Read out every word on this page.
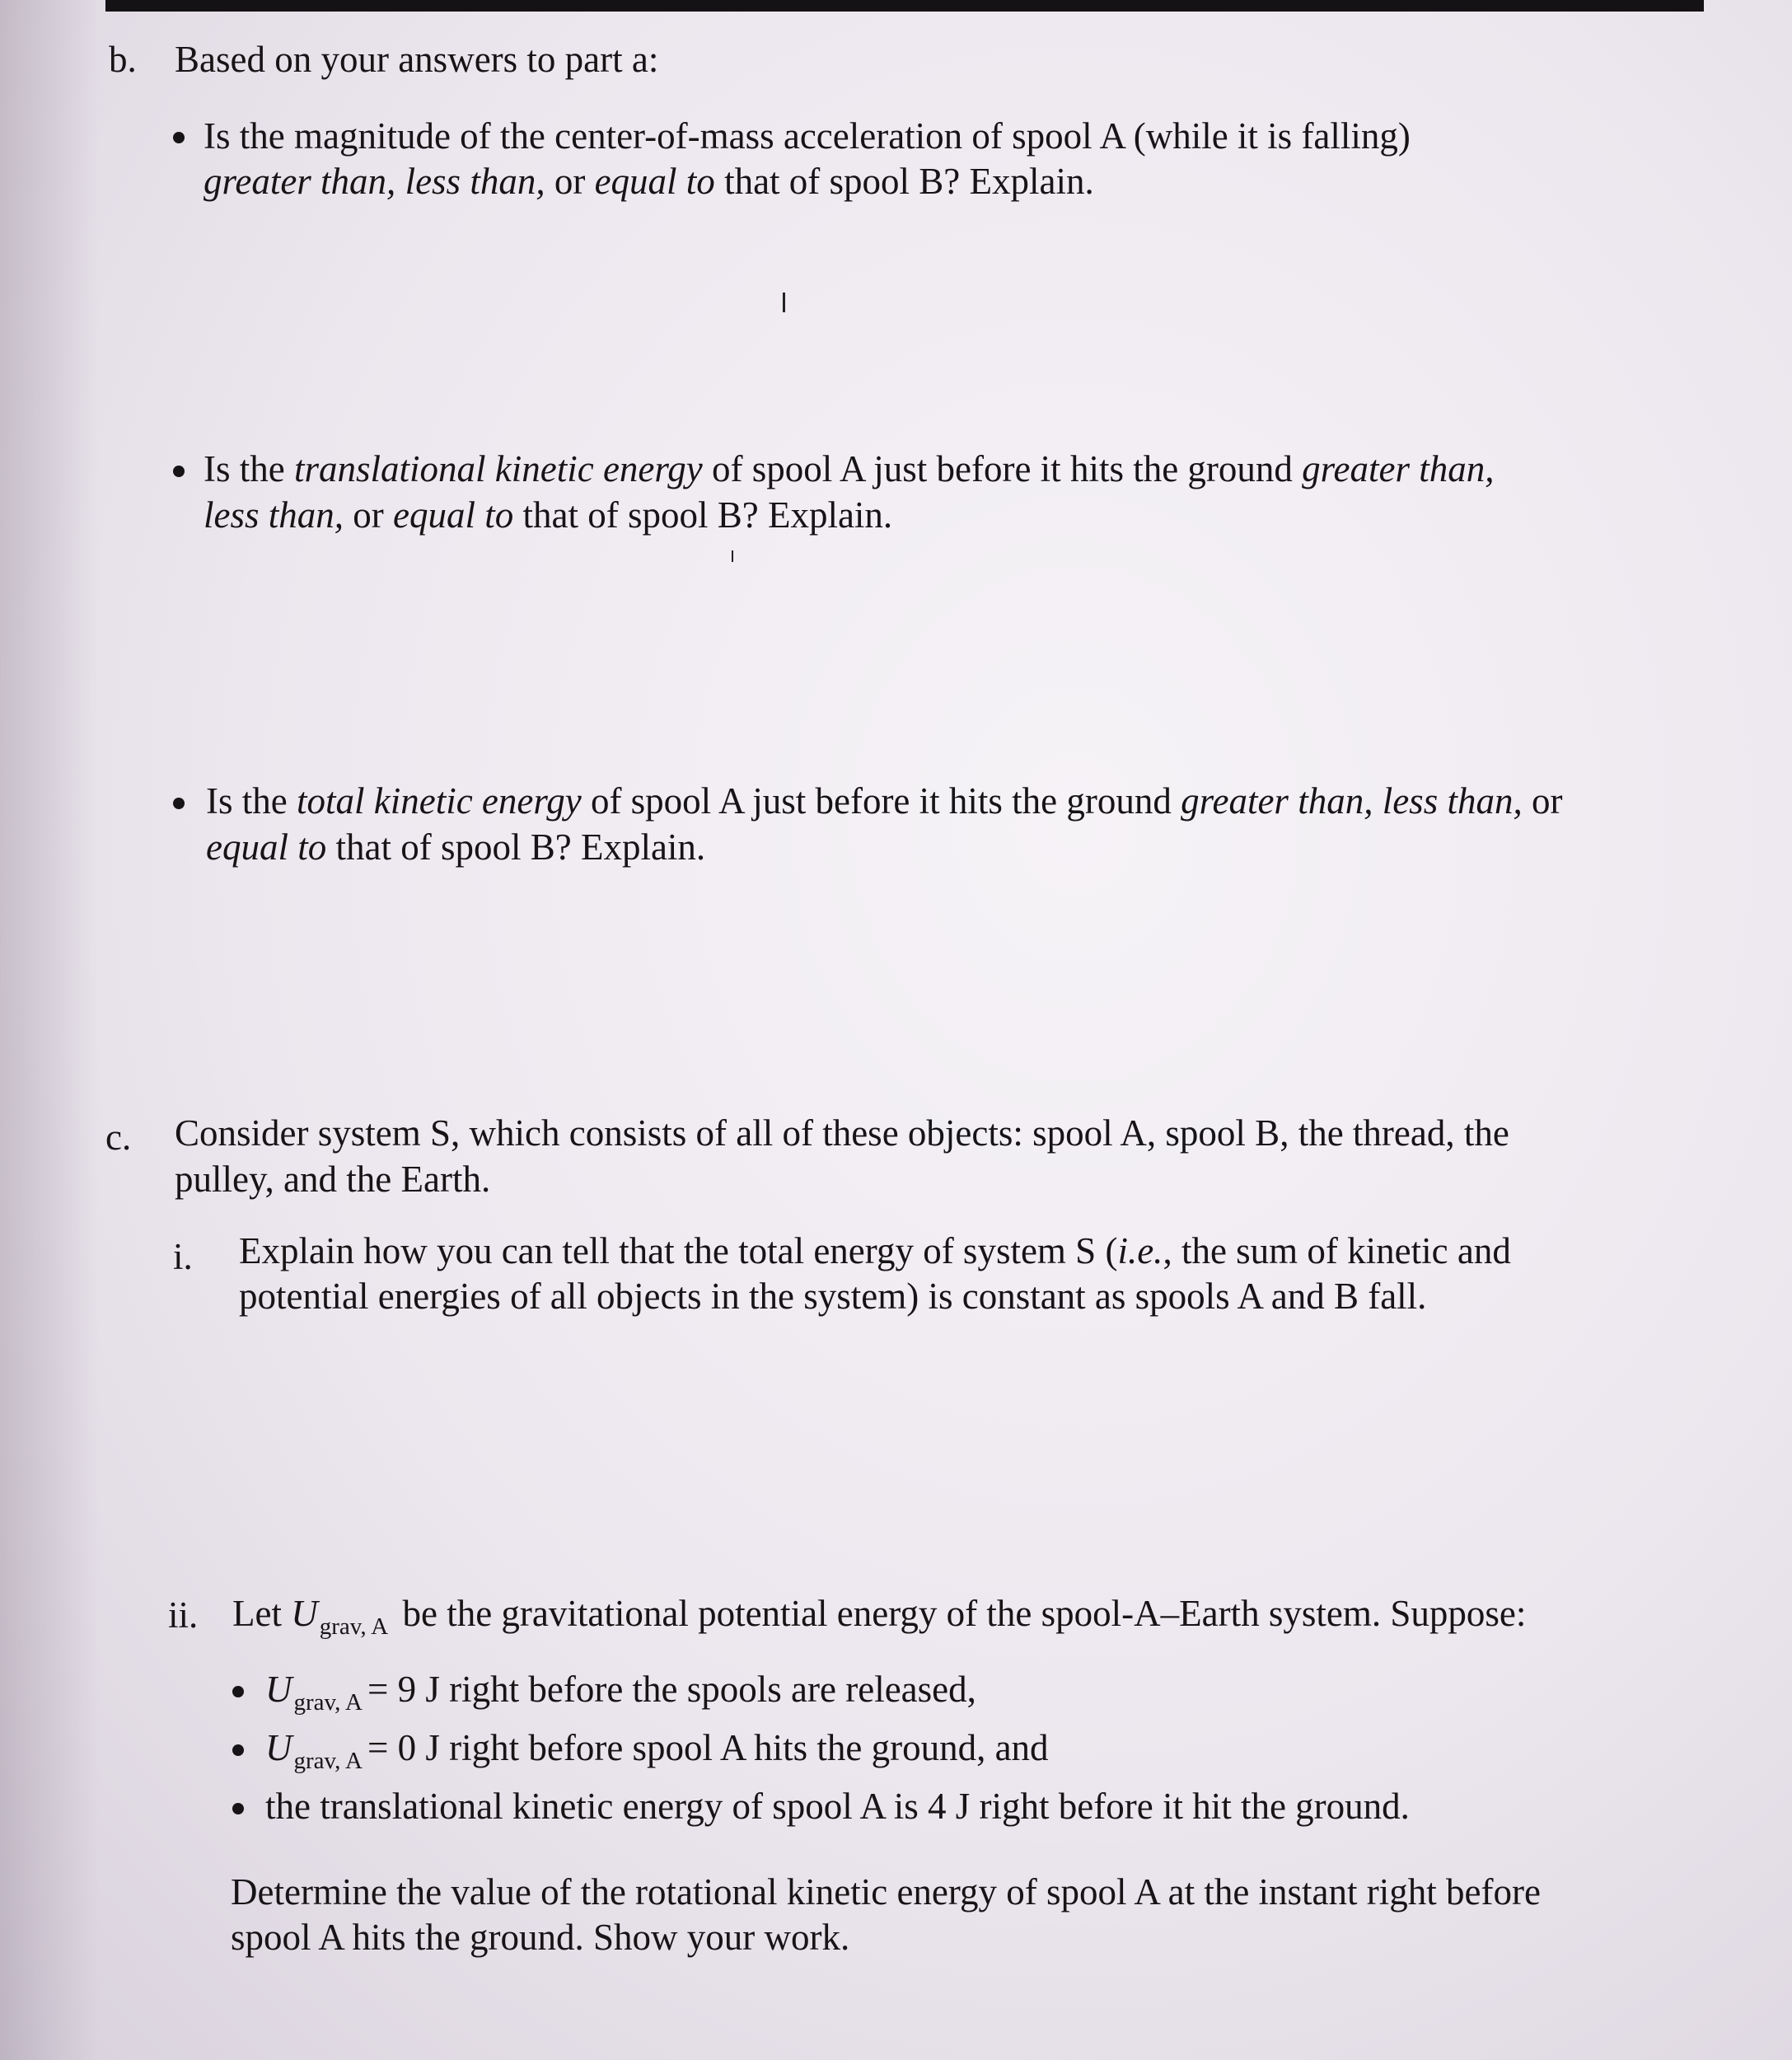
b. Based on your answers to part a:
Is the magnitude of the center-of-mass acceleration of spool A (while it is falling)
greater than, less than, or equal to that of spool B? Explain.
Is the translational kinetic energy of spool A just before it hits the ground greater than,
less than, or equal to that of spool B? Explain.
Is the total kinetic energy of spool A just before it hits the ground greater than, less than, or
equal to that of spool B? Explain.
c. Consider system S, which consists of all of these objects: spool A, spool B, the thread, the
pulley, and the Earth.
i. Explain how you can tell that the total energy of system S (i.e., the sum of kinetic and
potential energies of all objects in the system) is constant as spools A and B fall.
ii. Let $U_{grav, A}$ be the gravitational potential energy of the spool-A–Earth system. Suppose:
$U_{grav, A} = 9$ J right before the spools are released,
$U_{grav, A} = 0$ J right before spool A hits the ground, and
the translational kinetic energy of spool A is 4 J right before it hit the ground.
Determine the value of the rotational kinetic energy of spool A at the instant right before
spool A hits the ground. Show your work.
